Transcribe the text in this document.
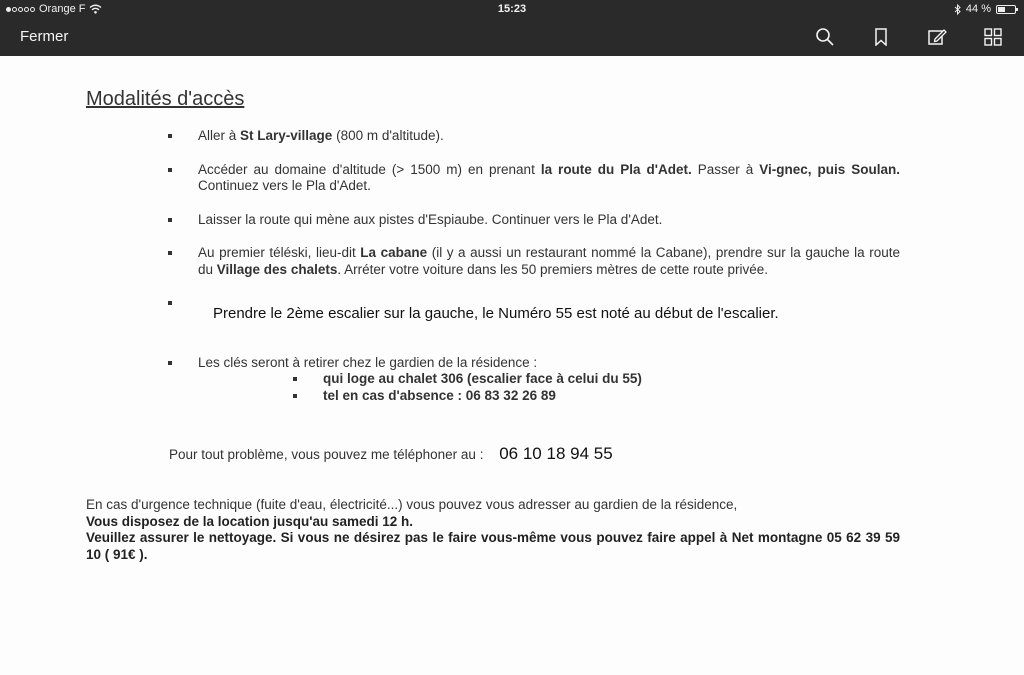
Orange F	15:23	44 %
Fermer
Modalités d'accès
Aller à St Lary-village (800 m d'altitude).
Accéder au domaine d'altitude (> 1500 m) en prenant la route du Pla d'Adet. Passer à Vi-gnec, puis Soulan. Continuez vers le Pla d'Adet.
Laisser la route qui mène aux pistes d'Espiaube. Continuer vers le Pla d'Adet.
Au premier téléski, lieu-dit La cabane (il y a aussi un restaurant nommé la Cabane), prendre sur la gauche la route du Village des chalets. Arréter votre voiture dans les 50 premiers mètres de cette route privée.
Prendre le 2ème escalier sur la gauche, le Numéro 55 est noté au début de l'escalier.
Les clés seront à retirer chez le gardien de la résidence :
qui loge au chalet 306 (escalier face à celui du 55)
tel en cas d'absence : 06 83 32 26 89
Pour tout problème, vous pouvez me téléphoner au : 06 10 18 94 55

En cas d'urgence technique (fuite d'eau, électricité...) vous pouvez vous adresser au gardien de la résidence,

Vous disposez de la location jusqu'au samedi 12 h.

Veuillez assurer le nettoyage. Si vous ne désirez pas le faire vous-même vous pouvez faire appel à Net montagne 05 62 39 59 10 ( 91€ ).
